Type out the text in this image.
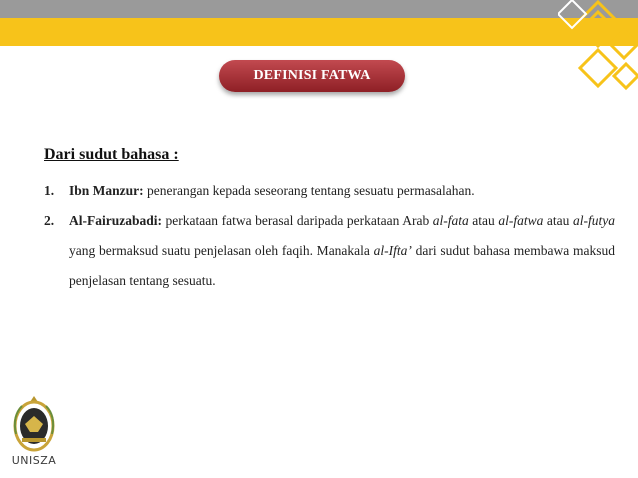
DEFINISI FATWA
Dari sudut bahasa :
1. Ibn Manzur: penerangan kepada seseorang tentang sesuatu permasalahan.
2. Al-Fairuzabadi: perkataan fatwa berasal daripada perkataan Arab al-fata atau al-fatwa atau al-futya yang bermaksud suatu penjelasan oleh faqih. Manakala al-Ifta’ dari sudut bahasa membawa maksud penjelasan tentang sesuatu.
UNISZA
